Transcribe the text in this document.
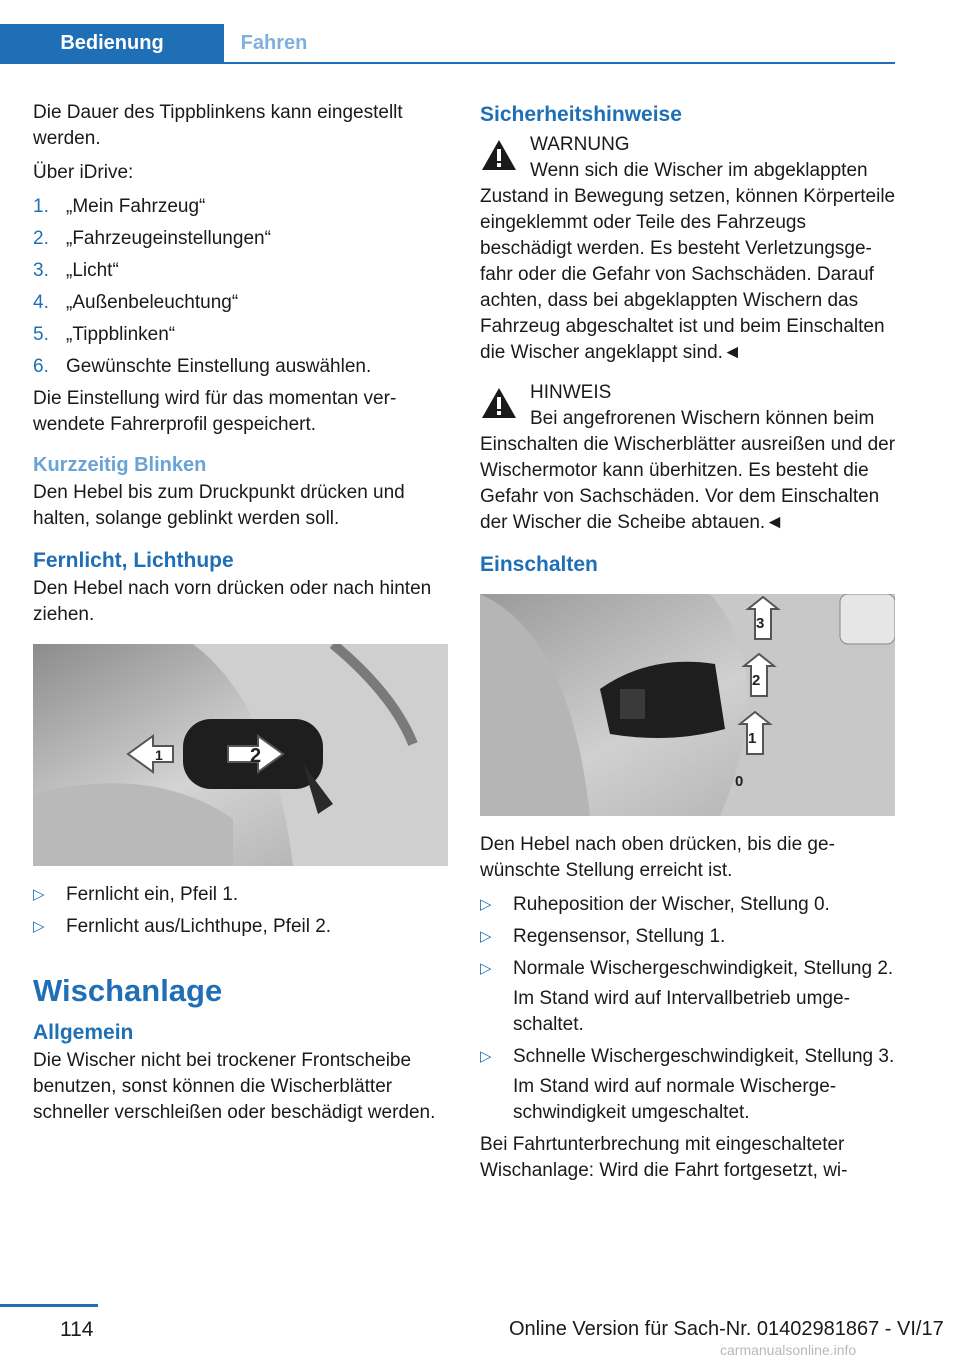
Bedienung	Fahren

Die Dauer des Tippblinkens kann eingestellt werden.

Über iDrive:

1. „Mein Fahrzeug“
2. „Fahrzeugeinstellungen“
3. „Licht“
4. „Außenbeleuchtung“
5. „Tippblinken“
6. Gewünschte Einstellung auswählen.

Die Einstellung wird für das momentan verwendete Fahrerprofil gespeichert.

Kurzzeitig Blinken

Den Hebel bis zum Druckpunkt drücken und halten, solange geblinkt werden soll.

Fernlicht, Lichthupe

Den Hebel nach vorn drücken oder nach hinten ziehen.

1	2
▷	Fernlicht ein, Pfeil 1.
▷	Fernlicht aus/Lichthupe, Pfeil 2.
Wischanlage
Allgemein

Die Wischer nicht bei trockener Frontscheibe benutzen, sonst können die Wischerblätter schneller verschleißen oder beschädigt werden.

Sicherheitshinweise
WARNUNG

Wenn sich die Wischer im abgeklappten Zustand in Bewegung setzen, können Körperteile eingeklemmt oder Teile des Fahrzeugs beschädigt werden. Es besteht Verletzungsgefahr oder die Gefahr von Sachschäden. Darauf achten, dass bei abgeklappten Wischern das Fahrzeug abgeschaltet ist und beim Einschalten die Wischer angeklappt sind.◄

HINWEIS

Bei angefrorenen Wischern können beim Einschalten die Wischerblätter ausreißen und der Wischermotor kann überhitzen. Es besteht die Gefahr von Sachschäden. Vor dem Einschalten der Wischer die Scheibe abtauen.◄

Einschalten
3
2
1
0

Den Hebel nach oben drücken, bis die gewünschte Stellung erreicht ist.

▷	Ruheposition der Wischer, Stellung 0.
▷	Regensensor, Stellung 1.
▷	Normale Wischergeschwindigkeit, Stellung 2.
Im Stand wird auf Intervallbetrieb umgeschaltet.
▷	Schnelle Wischergeschwindigkeit, Stellung 3.
Im Stand wird auf normale Wischergeschwindigkeit umgeschaltet.

Bei Fahrtunterbrechung mit eingeschalteter Wischanlage: Wird die Fahrt fortgesetzt, wi-

114	Online Version für Sach-Nr. 01402981867 - VI/17
carmanualsonline.info
